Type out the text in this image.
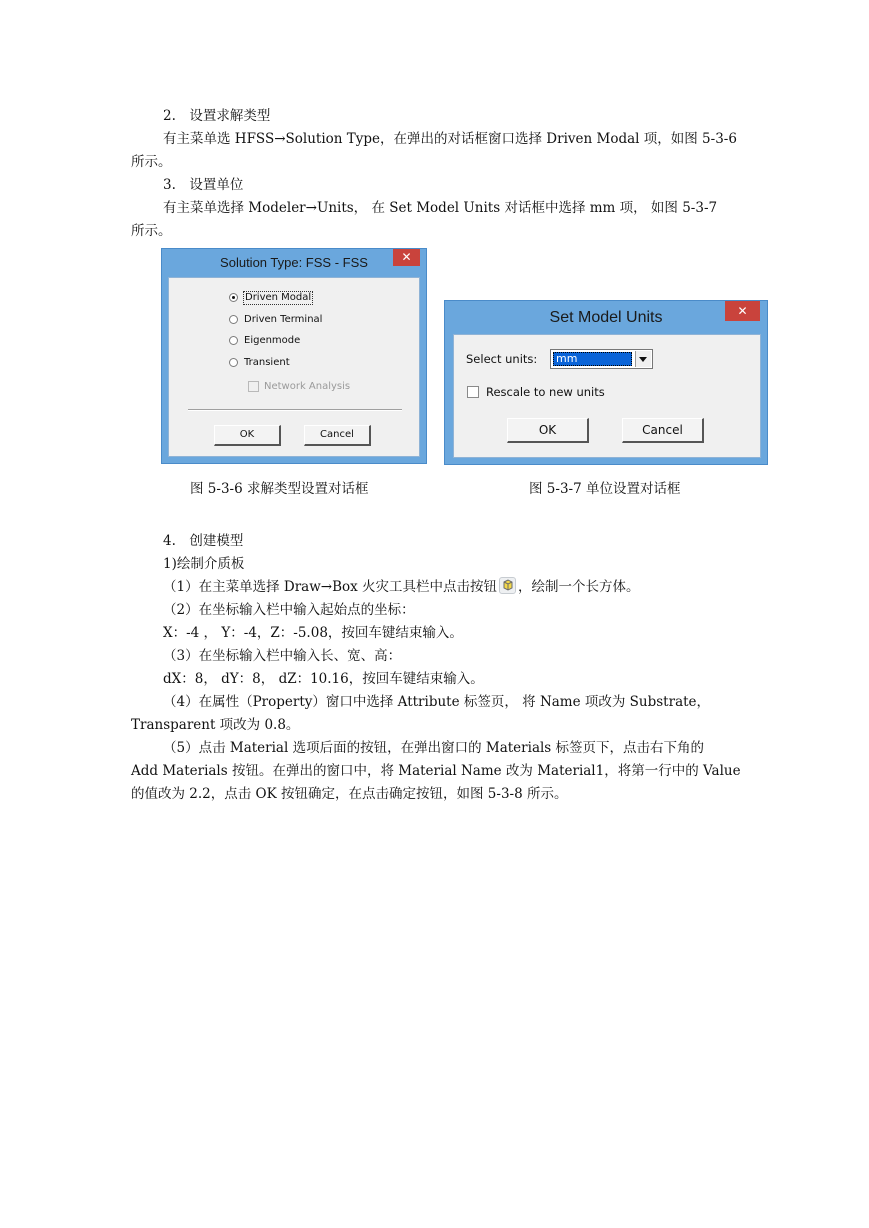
2.　设置求解类型
有主菜单选 HFSS→Solution Type，在弹出的对话框窗口选择 Driven Modal 项，如图 5-3-6
所示。
3.　设置单位
有主菜单选择 Modeler→Units， 在 Set Model Units 对话框中选择 mm 项， 如图 5-3-7
所示。
Solution Type: FSS - FSS	✕
Driven Modal
Driven Terminal
Eigenmode
Transient
Network Analysis
OK	Cancel
Set Model Units	✕
Select units: mm
Rescale to new units
OK	Cancel
图 5-3-6 求解类型设置对话框	图 5-3-7 单位设置对话框
4.　创建模型
1)绘制介质板
（1）在主菜单选择 Draw→Box 火灾工具栏中点击按钮 ，绘制一个长方体。
（2）在坐标输入栏中输入起始点的坐标：
X：-4 ， Y：-4，Z：-5.08，按回车键结束输入。
（3）在坐标输入栏中输入长、宽、高：
dX：8， dY：8， dZ：10.16，按回车键结束输入。
（4）在属性（Property）窗口中选择 Attribute 标签页， 将 Name 项改为 Substrate，
Transparent 项改为 0.8。
（5）点击 Material 选项后面的按钮，在弹出窗口的 Materials 标签页下，点击右下角的
Add Materials 按钮。在弹出的窗口中，将 Material Name 改为 Material1，将第一行中的 Value
的值改为 2.2，点击 OK 按钮确定，在点击确定按钮，如图 5-3-8 所示。
